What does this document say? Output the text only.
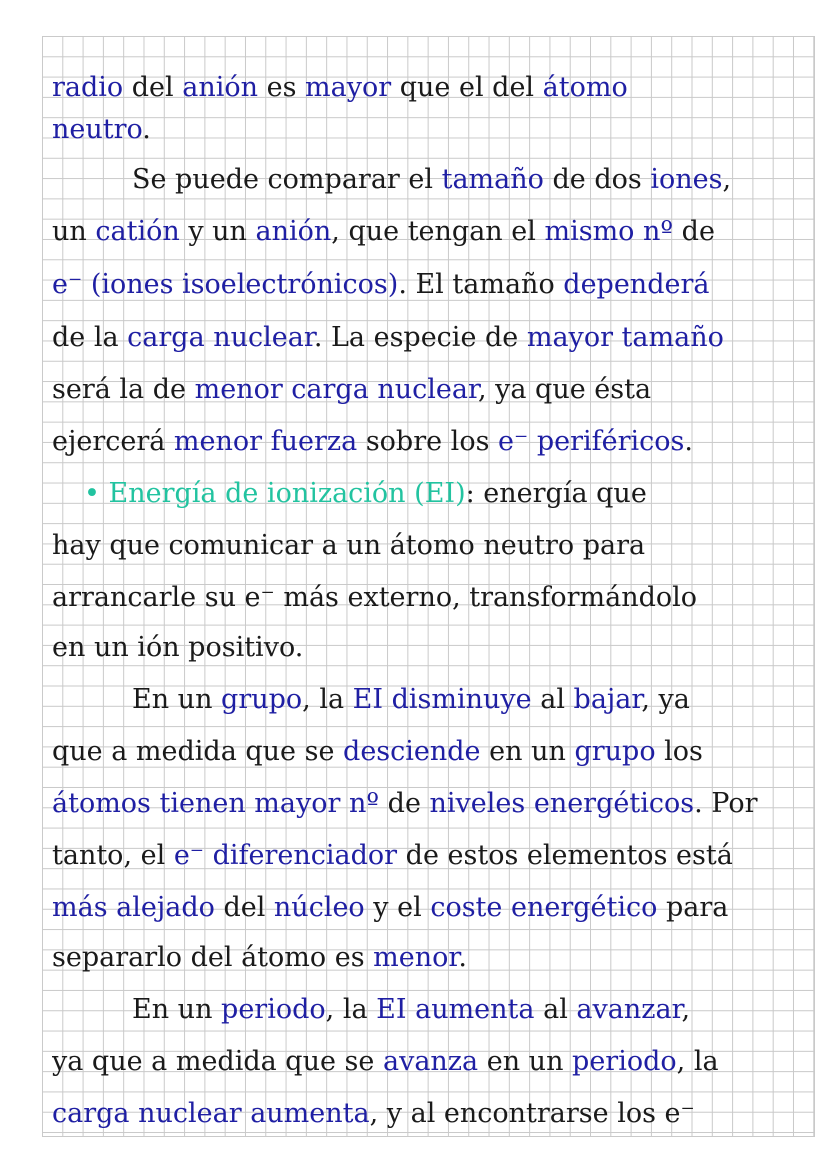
radio del anión es mayor que el del átomo
neutro.
Se puede comparar el tamaño de dos iones,
un catión y un anión, que tengan el mismo nº de
e⁻ (iones isoelectrónicos). El tamaño dependerá
de la carga nuclear. La especie de mayor tamaño
será la de menor carga nuclear, ya que ésta
ejercerá menor fuerza sobre los e⁻ periféricos.
• Energía de ionización (EI): energía que
hay que comunicar a un átomo neutro para
arrancarle su e⁻ más externo, transformándolo
en un ión positivo.
En un grupo, la EI disminuye al bajar, ya
que a medida que se desciende en un grupo los
átomos tienen mayor nº de niveles energéticos. Por
tanto, el e⁻ diferenciador de estos elementos está
más alejado del núcleo y el coste energético para
separarlo del átomo es menor.
En un periodo, la EI aumenta al avanzar,
ya que a medida que se avanza en un periodo, la
carga nuclear aumenta, y al encontrarse los e⁻
